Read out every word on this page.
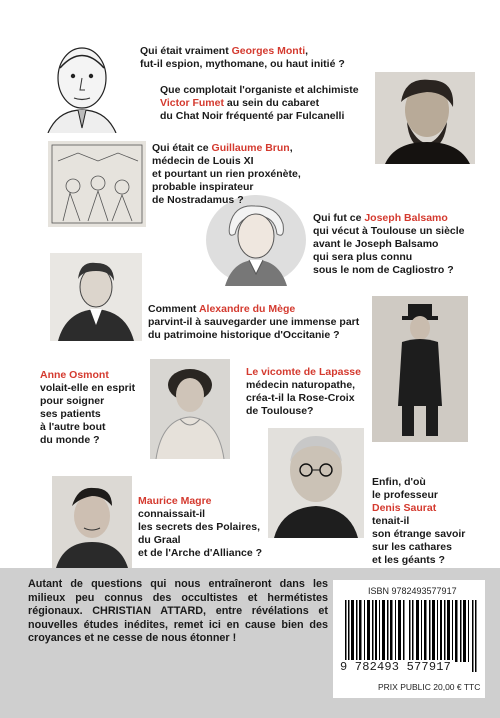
Qui était vraiment Georges Monti,
fut-il espion, mythomane, ou haut initié ?
Que complotait l'organiste et alchimiste
Victor Fumet au sein du cabaret
du Chat Noir fréquenté par Fulcanelli
Qui était ce Guillaume Brun,
médecin de Louis XI
et pourtant un rien proxénète,
probable inspirateur
de Nostradamus ?
Qui fut ce Joseph Balsamo
qui vécut à Toulouse un siècle
avant le Joseph Balsamo
qui sera plus connu
sous le nom de Cagliostro ?
Comment Alexandre du Mège
parvint-il à sauvegarder une immense part
du patrimoine historique d'Occitanie ?
Anne Osmont
volait-elle en esprit
pour soigner
ses patients
à l'autre bout
du monde ?
Le vicomte de Lapasse
médecin naturopathe,
créa-t-il la Rose-Croix
de Toulouse?
Enfin, d'où
le professeur
Denis Saurat
tenait-il
son étrange savoir
sur les cathares
et les géants ?
Maurice Magre
connaissait-il
les secrets des Polaires,
du Graal
et de l'Arche d'Alliance ?
Autant de questions qui nous entraîneront dans les milieux peu connus des occultistes et hermétistes régionaux. CHRISTIAN ATTARD, entre révélations et nouvelles études inédites, remet ici en cause bien des croyances et ne cesse de nous étonner !
ISBN 9782493577917
9 782493 577917
PRIX PUBLIC 20,00 € TTC
